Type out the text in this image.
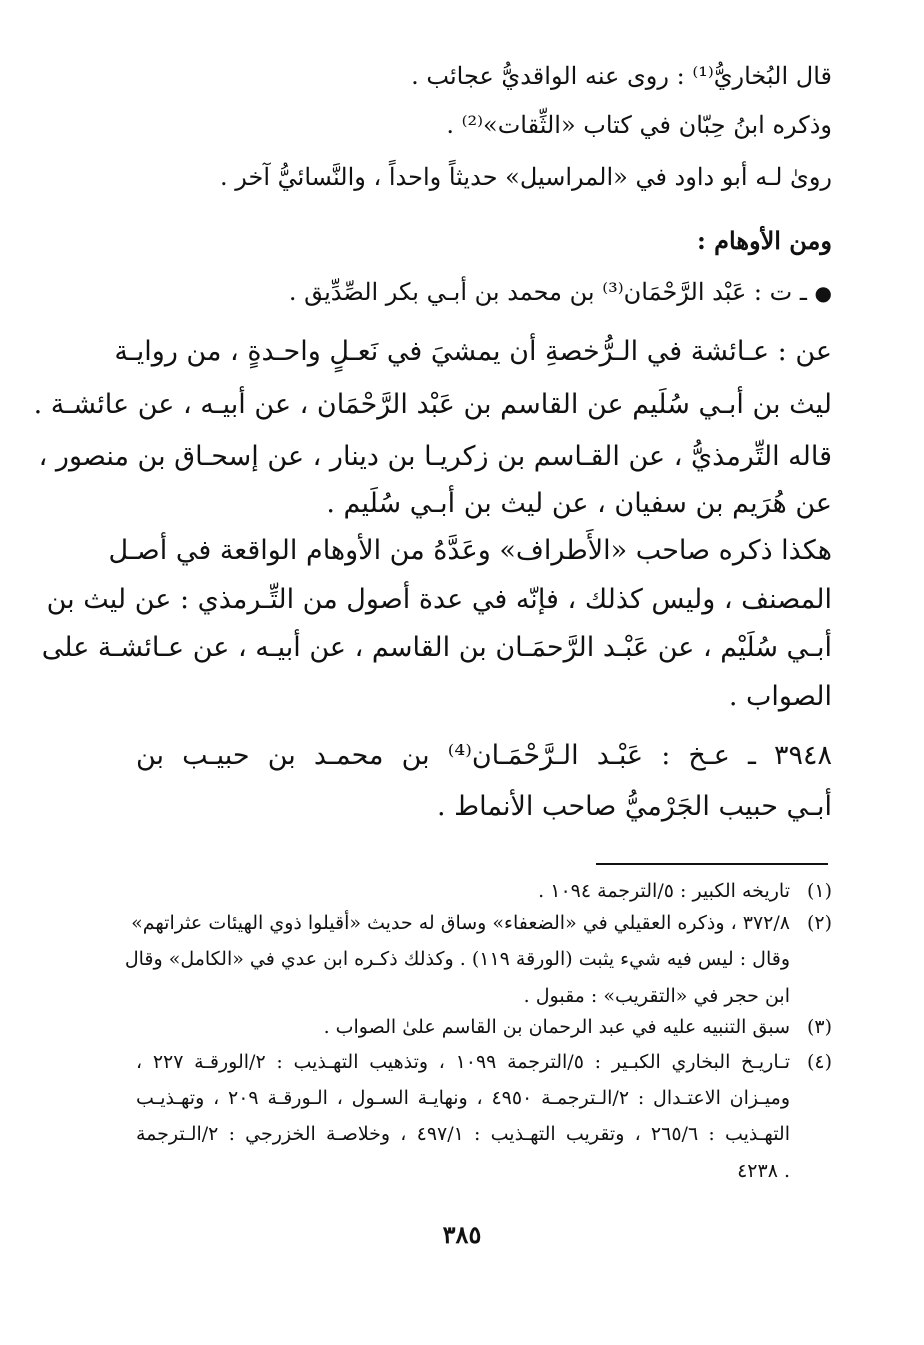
قال البُخاريُّ⁽¹⁾ : روى عنه الواقديُّ عجائب .

وذكره ابنُ حِبّان في كتاب «الثِّقات»⁽²⁾ .

روىٰ لـه أبو داود في «المراسيل» حديثاً واحداً ، والنَّسائيُّ آخر .

ومن الأوهام :

● ـ ت : عَبْد الرَّحْمَان⁽³⁾ بن محمد بن أبـي بكر الصِّدِّيق .

عن : عـائشة في الـرُّخصةِ أن يمشيَ في نَعـلٍ واحـدةٍ ، من روايـة

ليث بن أبـي سُلَيم عن القاسم بن عَبْد الرَّحْمَان ، عن أبيـه ، عن عائشـة .

قاله التِّرمذيُّ ، عن القـاسم بن زكريـا بن دينار ، عن إسحـاق بن منصور ،

عن هُرَيم بن سفيان ، عن ليث بن أبـي سُلَيم .

هكذا ذكره صاحب «الأَطراف» وعَدَّهُ من الأوهام الواقعة في أصـل

المصنف ، وليس كذلك ، فإنّه في عدة أصول من التِّـرمذي : عن ليث بن

أبـي سُلَيْم ، عن عَبْـد الرَّحمَـان بن القاسم ، عن أبيـه ، عن عـائشـة على

الصواب .

٣٩٤٨ ـ عـخ : عَبْـد الـرَّحْمَـان⁽⁴⁾ بن محمـد بن حبيـب بن

أبـي حبيب الجَرْميُّ صاحب الأنماط .

(١)

تاريخه الكبير : ٥/الترجمة ١٠٩٤ .

(٢)

٣٧٢/٨ ، وذكره العقيلي في «الضعفاء» وساق له حديث «أقيلوا ذوي الهيئات عثراتهم»

وقال : ليس فيه شيء يثبت (الورقة ١١٩) . وكذلك ذكـره ابن عدي في «الكامل» وقال

ابن حجر في «التقريب» : مقبول .

(٣)

سبق التنبيه عليه في عبد الرحمان بن القاسم علىٰ الصواب .

(٤)

تـاريـخ البخاري الكبـير : ٥/الترجمة ١٠٩٩ ، وتذهيب التهـذيب : ٢/الورقـة ٢٢٧ ،

وميـزان الاعتـدال : ٢/الـترجمـة ٤٩٥٠ ، ونهايـة السـول ، الـورقـة ٢٠٩ ، وتهـذيـب

التهـذيب : ٢٦٥/٦ ، وتقريب التهـذيب : ٤٩٧/١ ، وخلاصـة الخزرجي : ٢/الـترجمة

٤٢٣٨ .

٣٨٥
